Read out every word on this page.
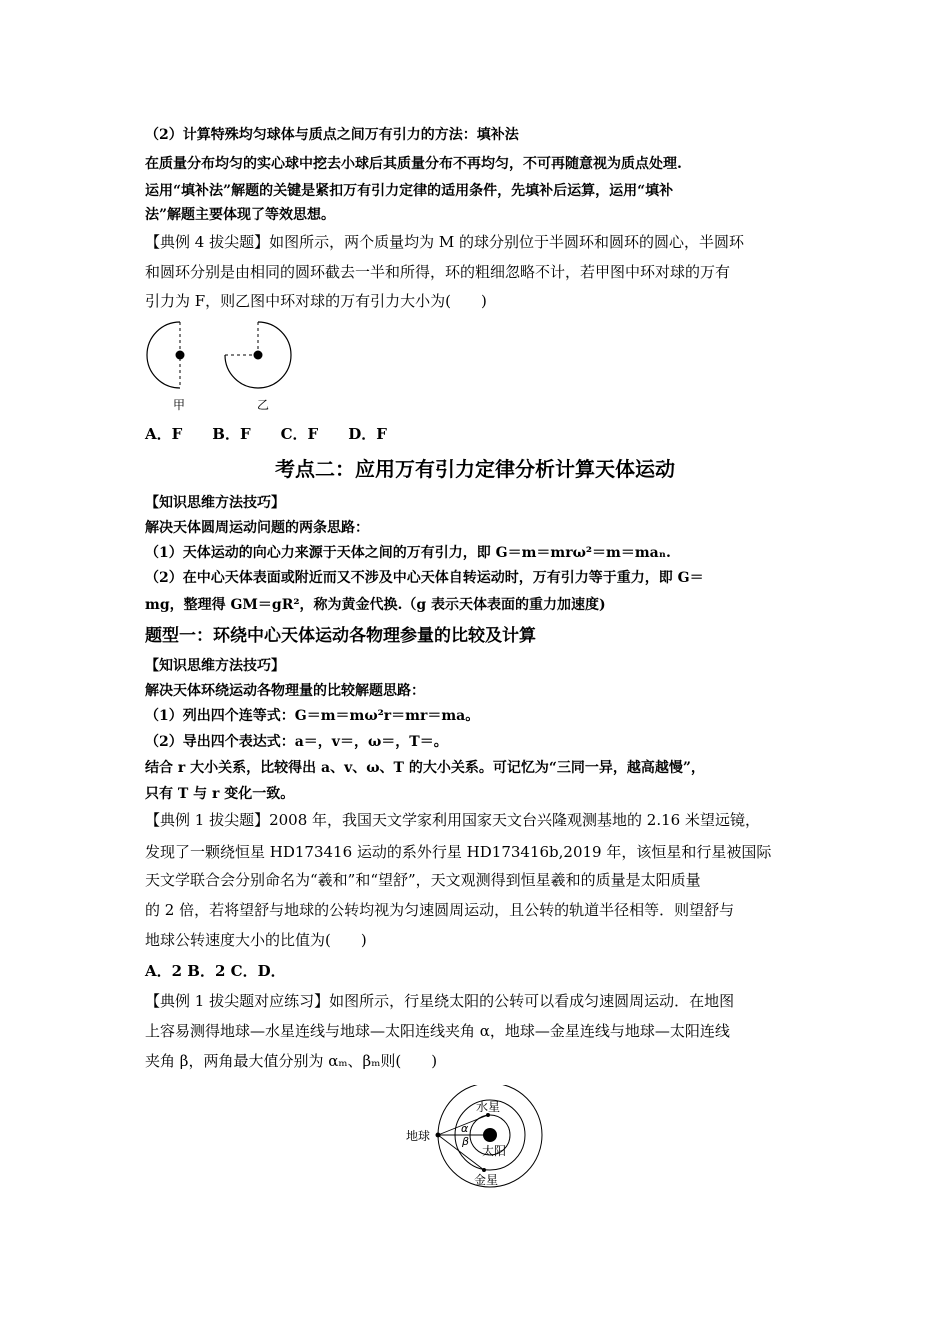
（2）计算特殊均匀球体与质点之间万有引力的方法：填补法
在质量分布均匀的实心球中挖去小球后其质量分布不再均匀，不可再随意视为质点处理.
运用“填补法”解题的关键是紧扣万有引力定律的适用条件，先填补后运算，运用“填补
法”解题主要体现了等效思想。
【典例 4 拔尖题】如图所示，两个质量均为 M 的球分别位于半圆环和圆环的圆心，半圆环
和圆环分别是由相同的圆环截去一半和所得，环的粗细忽略不计，若甲图中环对球的万有
引力为 F，则乙图中环对球的万有引力大小为(　　)
甲	乙
A．F　　B．F　　C．F　　D．F
考点二：应用万有引力定律分析计算天体运动
【知识思维方法技巧】
解决天体圆周运动问题的两条思路：
（1）天体运动的向心力来源于天体之间的万有引力，即 G＝m＝mrω²＝m＝maₙ.
（2）在中心天体表面或附近而又不涉及中心天体自转运动时，万有引力等于重力，即 G＝
mg，整理得 GM＝gR²，称为黄金代换.（g 表示天体表面的重力加速度)
题型一：环绕中心天体运动各物理参量的比较及计算
【知识思维方法技巧】
解决天体环绕运动各物理量的比较解题思路：
（1）列出四个连等式：G＝m＝mω²r＝mr＝ma。
（2）导出四个表达式：a＝，v＝，ω＝，T＝。
结合 r 大小关系，比较得出 a、v、ω、T 的大小关系。可记忆为“三同一异，越高越慢”，
只有 T 与 r 变化一致。
【典例 1 拔尖题】2008 年，我国天文学家利用国家天文台兴隆观测基地的 2.16 米望远镜，
发现了一颗绕恒星 HD173416 运动的系外行星 HD173416b,2019 年，该恒星和行星被国际
天文学联合会分别命名为“羲和”和“望舒”，天文观测得到恒星羲和的质量是太阳质量
的 2 倍，若将望舒与地球的公转均视为匀速圆周运动，且公转的轨道半径相等．则望舒与
地球公转速度大小的比值为(　　)
A．2 B．2 C．D．
【典例 1 拔尖题对应练习】如图所示，行星绕太阳的公转可以看成匀速圆周运动．在地图
上容易测得地球—水星连线与地球—太阳连线夹角 α，地球—金星连线与地球—太阳连线
夹角 β，两角最大值分别为 αₘ、βₘ则(　　)
地球
水星
太阳
金星
α
β
